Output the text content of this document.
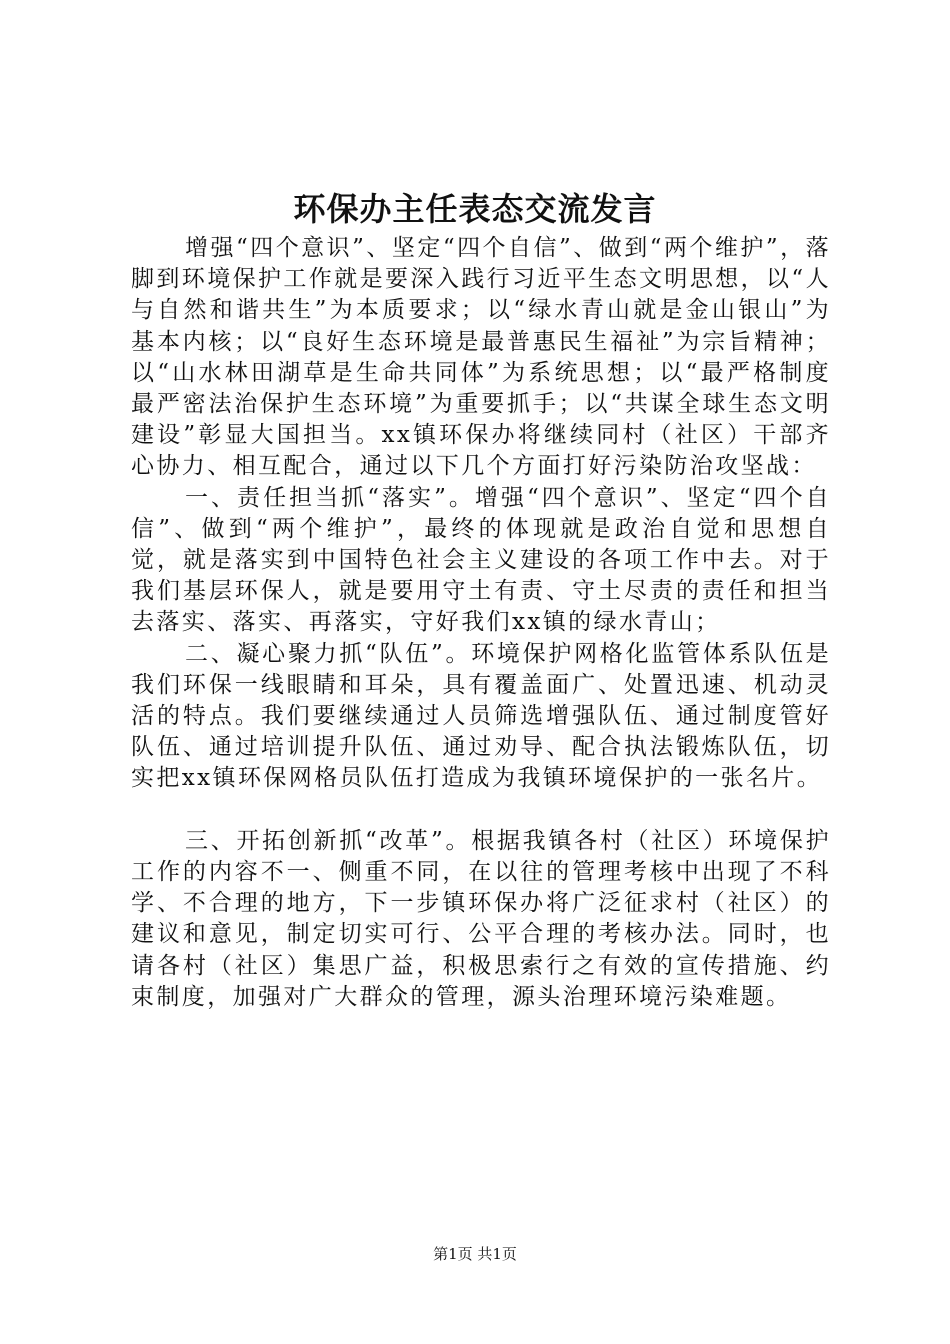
环保办主任表态交流发言

增强“四个意识”、坚定“四个自信”、做到“两个维护”，落脚到环境保护工作就是要深入践行习近平生态文明思想，以“人与自然和谐共生”为本质要求；以“绿水青山就是金山银山”为基本内核；以“良好生态环境是最普惠民生福祉”为宗旨精神；以“山水林田湖草是生命共同体”为系统思想；以“最严格制度最严密法治保护生态环境”为重要抓手；以“共谋全球生态文明建设”彰显大国担当。xx镇环保办将继续同村（社区）干部齐心协力、相互配合，通过以下几个方面打好污染防治攻坚战：

一、责任担当抓“落实”。增强“四个意识”、坚定“四个自信”、做到“两个维护”，最终的体现就是政治自觉和思想自觉，就是落实到中国特色社会主义建设的各项工作中去。对于我们基层环保人，就是要用守土有责、守土尽责的责任和担当去落实、落实、再落实，守好我们xx镇的绿水青山；

二、凝心聚力抓“队伍”。环境保护网格化监管体系队伍是我们环保一线眼睛和耳朵，具有覆盖面广、处置迅速、机动灵活的特点。我们要继续通过人员筛选增强队伍、通过制度管好队伍、通过培训提升队伍、通过劝导、配合执法锻炼队伍，切实把xx镇环保网格员队伍打造成为我镇环境保护的一张名片。

三、开拓创新抓“改革”。根据我镇各村（社区）环境保护工作的内容不一、侧重不同，在以往的管理考核中出现了不科学、不合理的地方，下一步镇环保办将广泛征求村（社区）的建议和意见，制定切实可行、公平合理的考核办法。同时，也请各村（社区）集思广益，积极思索行之有效的宣传措施、约束制度，加强对广大群众的管理，源头治理环境污染难题。

第1页 共1页
